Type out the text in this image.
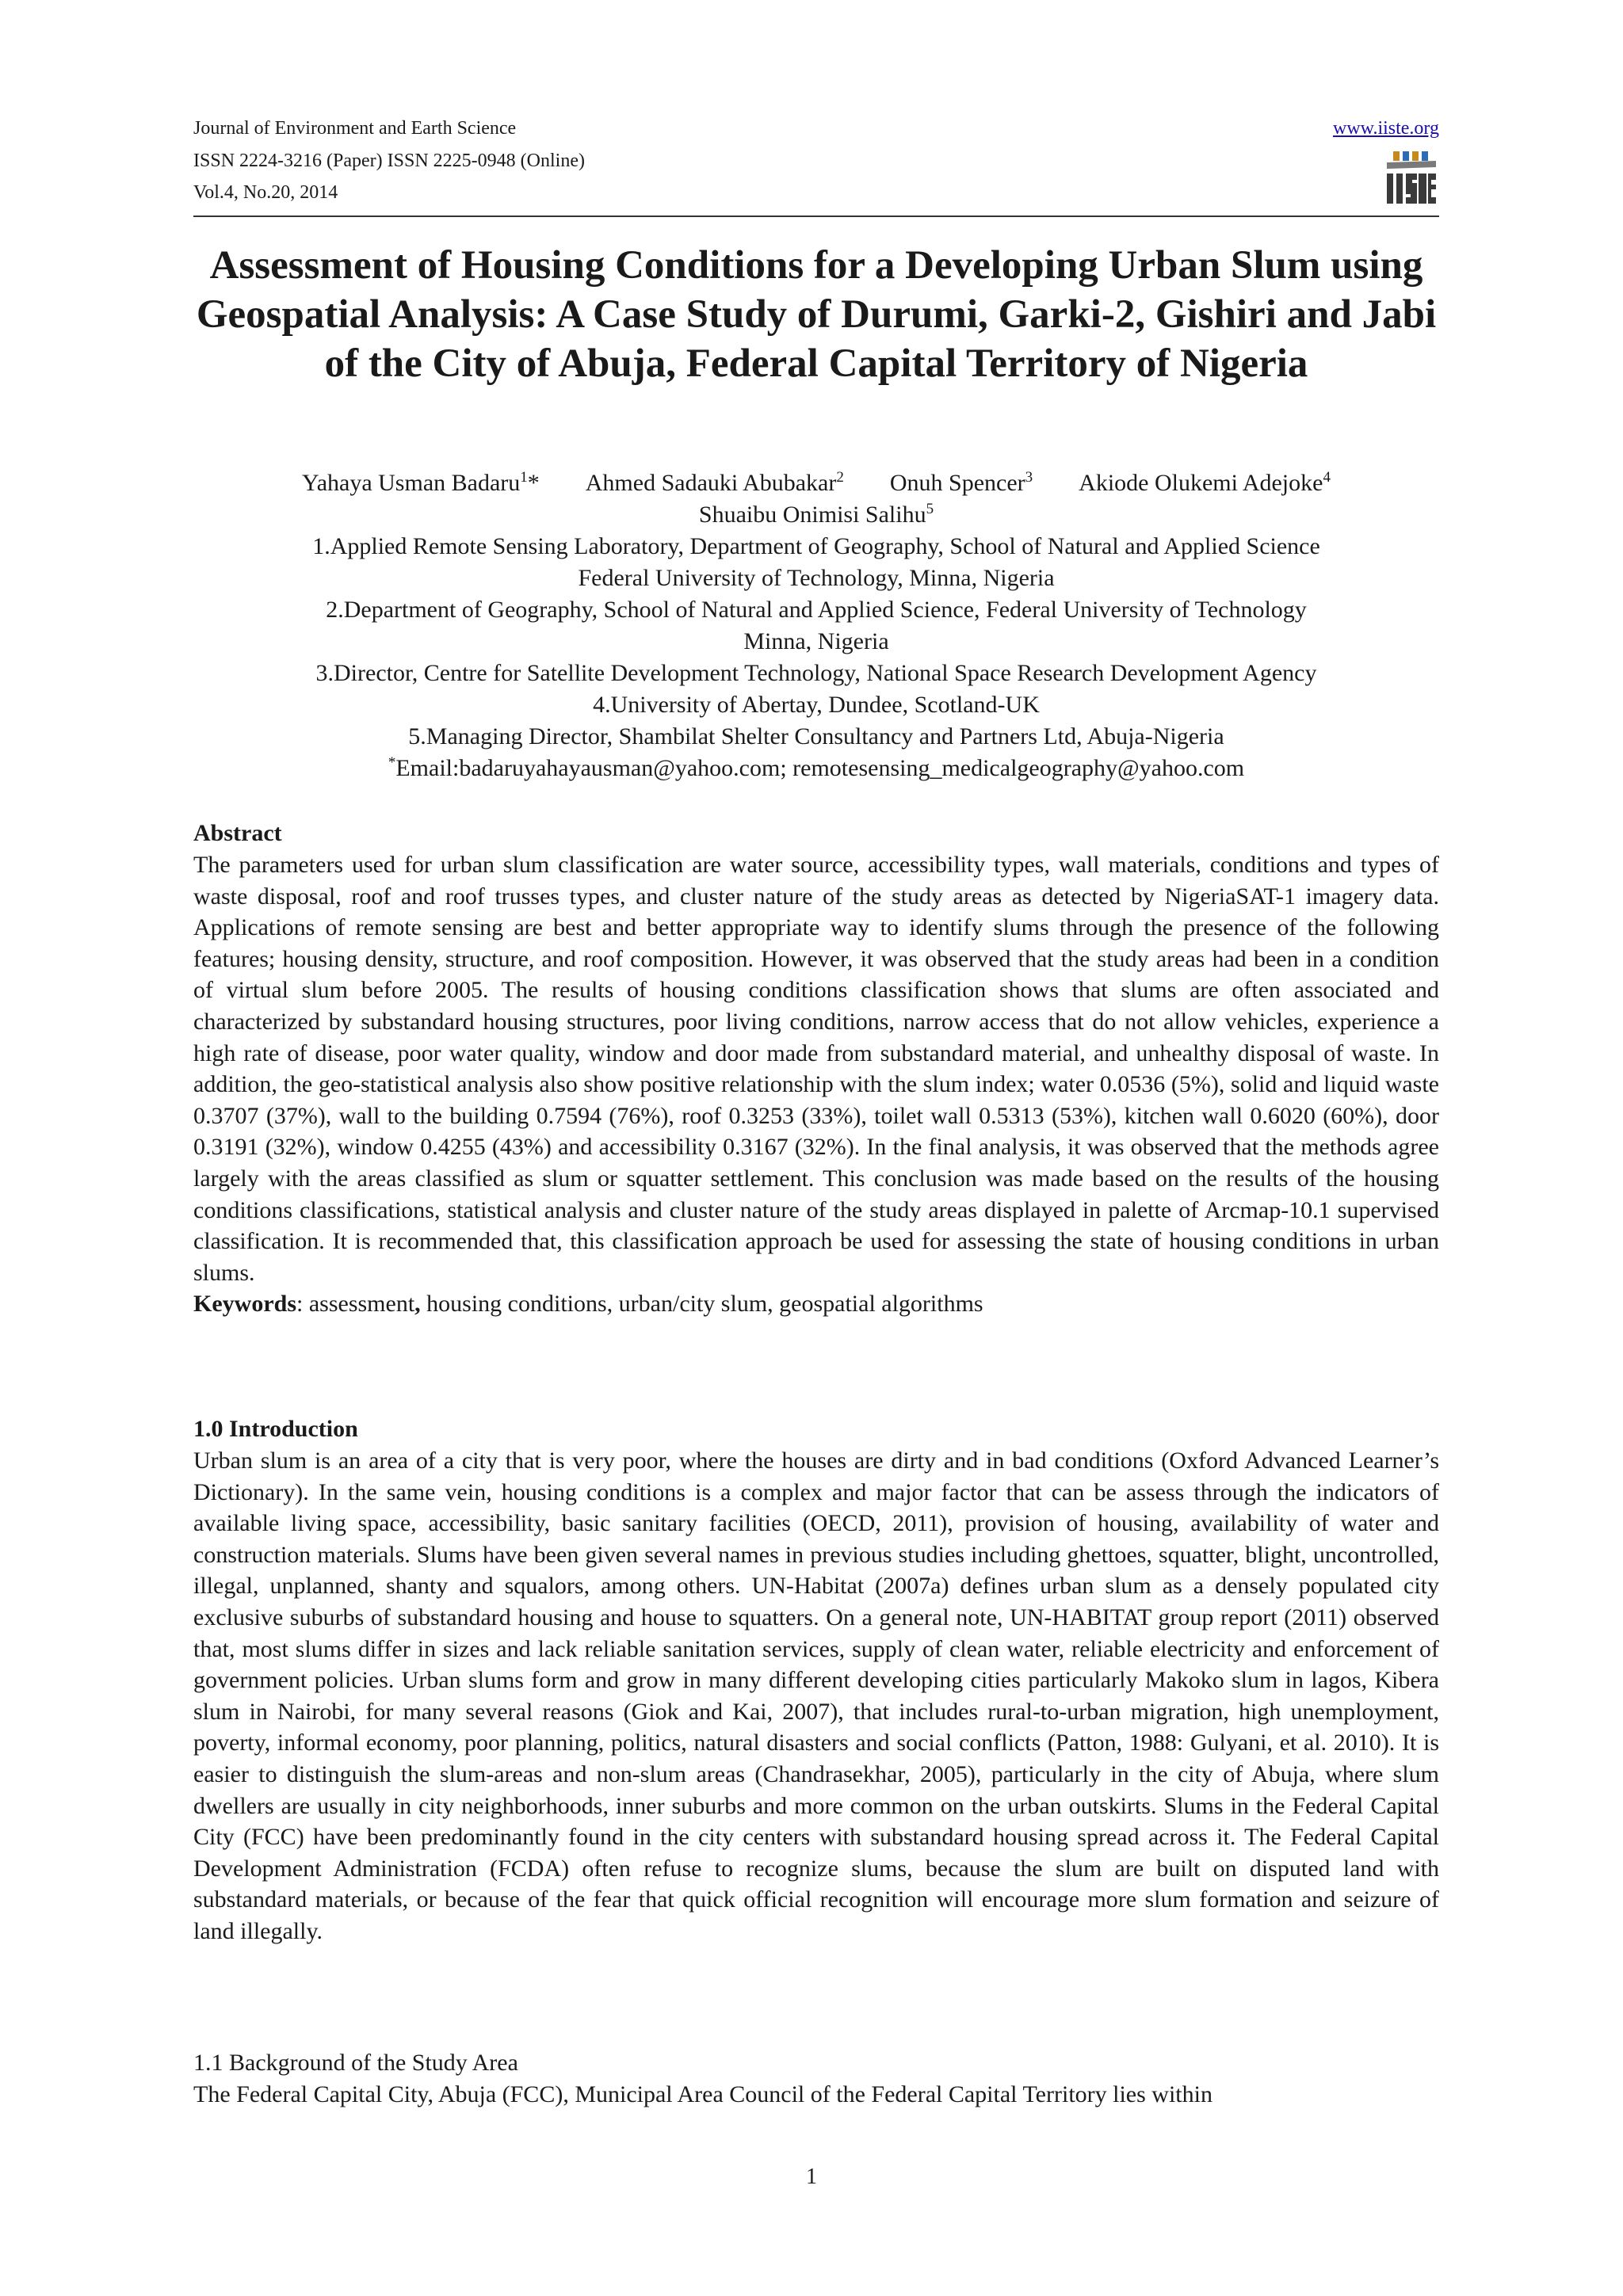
Journal of Environment and Earth Science
ISSN 2224-3216 (Paper) ISSN 2225-0948 (Online)
Vol.4, No.20, 2014
www.iiste.org
Assessment of Housing Conditions for a Developing Urban Slum using Geospatial Analysis: A Case Study of Durumi, Garki-2, Gishiri and Jabi of the City of Abuja, Federal Capital Territory of Nigeria
Yahaya Usman Badaru$^1$* Ahmed Sadauki Abubakar$^2$ Onuh Spencer$^3$ Akiode Olukemi Adejoke$^4$
Shuaibu Onimisi Salihu$^5$
1.Applied Remote Sensing Laboratory, Department of Geography, School of Natural and Applied Science
Federal University of Technology, Minna, Nigeria
2.Department of Geography, School of Natural and Applied Science, Federal University of Technology
Minna, Nigeria
3.Director, Centre for Satellite Development Technology, National Space Research Development Agency
4.University of Abertay, Dundee, Scotland-UK
5.Managing Director, Shambilat Shelter Consultancy and Partners Ltd, Abuja-Nigeria
*Email:badaruyahayausman@yahoo.com; remotesensing_medicalgeography@yahoo.com
Abstract

The parameters used for urban slum classification are water source, accessibility types, wall materials, conditions and types of waste disposal, roof and roof trusses types, and cluster nature of the study areas as detected by NigeriaSAT-1 imagery data. Applications of remote sensing are best and better appropriate way to identify slums through the presence of the following features; housing density, structure, and roof composition. However, it was observed that the study areas had been in a condition of virtual slum before 2005. The results of housing conditions classification shows that slums are often associated and characterized by substandard housing structures, poor living conditions, narrow access that do not allow vehicles, experience a high rate of disease, poor water quality, window and door made from substandard material, and unhealthy disposal of waste. In addition, the geo-statistical analysis also show positive relationship with the slum index; water 0.0536 (5%), solid and liquid waste 0.3707 (37%), wall to the building 0.7594 (76%), roof 0.3253 (33%), toilet wall 0.5313 (53%), kitchen wall 0.6020 (60%), door 0.3191 (32%), window 0.4255 (43%) and accessibility 0.3167 (32%). In the final analysis, it was observed that the methods agree largely with the areas classified as slum or squatter settlement. This conclusion was made based on the results of the housing conditions classifications, statistical analysis and cluster nature of the study areas displayed in palette of Arcmap-10.1 supervised classification. It is recommended that, this classification approach be used for assessing the state of housing conditions in urban slums.

Keywords: assessment, housing conditions, urban/city slum, geospatial algorithms

1.0 Introduction

Urban slum is an area of a city that is very poor, where the houses are dirty and in bad conditions (Oxford Advanced Learner’s Dictionary). In the same vein, housing conditions is a complex and major factor that can be assess through the indicators of available living space, accessibility, basic sanitary facilities (OECD, 2011), provision of housing, availability of water and construction materials. Slums have been given several names in previous studies including ghettoes, squatter, blight, uncontrolled, illegal, unplanned, shanty and squalors, among others. UN-Habitat (2007a) defines urban slum as a densely populated city exclusive suburbs of substandard housing and house to squatters. On a general note, UN-HABITAT group report (2011) observed that, most slums differ in sizes and lack reliable sanitation services, supply of clean water, reliable electricity and enforcement of government policies. Urban slums form and grow in many different developing cities particularly Makoko slum in lagos, Kibera slum in Nairobi, for many several reasons (Giok and Kai, 2007), that includes rural-to-urban migration, high unemployment, poverty, informal economy, poor planning, politics, natural disasters and social conflicts (Patton, 1988: Gulyani, et al. 2010). It is easier to distinguish the slum-areas and non-slum areas (Chandrasekhar, 2005), particularly in the city of Abuja, where slum dwellers are usually in city neighborhoods, inner suburbs and more common on the urban outskirts. Slums in the Federal Capital City (FCC) have been predominantly found in the city centers with substandard housing spread across it. The Federal Capital Development Administration (FCDA) often refuse to recognize slums, because the slum are built on disputed land with substandard materials, or because of the fear that quick official recognition will encourage more slum formation and seizure of land illegally.

1.1 Background of the Study Area

The Federal Capital City, Abuja (FCC), Municipal Area Council of the Federal Capital Territory lies within

1
